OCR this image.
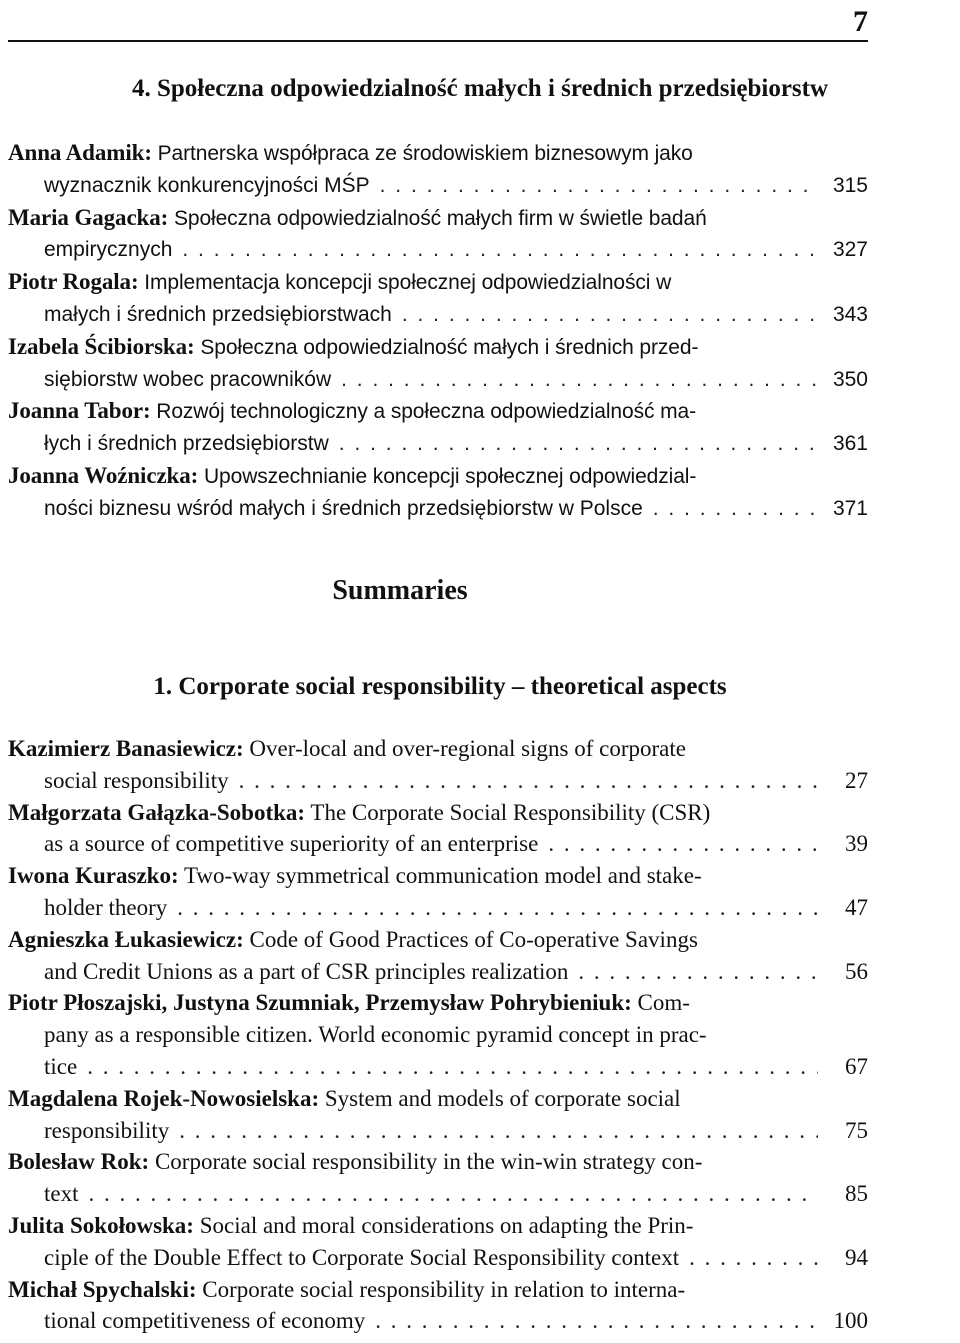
7
4. Społeczna odpowiedzialność małych i średnich przedsiębiorstw
Anna Adamik: Partnerska współpraca ze środowiskiem biznesowym jako
wyznacznik konkurencyjności MŚP . . .	315
Maria Gagacka: Społeczna odpowiedzialność małych firm w świetle badań
empirycznych . . .	327
Piotr Rogala: Implementacja koncepcji społecznej odpowiedzialności w
małych i średnich przedsiębiorstwach . . .	343
Izabela Ścibiorska: Społeczna odpowiedzialność małych i średnich przed-
siębiorstw wobec pracowników . . .	350
Joanna Tabor: Rozwój technologiczny a społeczna odpowiedzialność ma-
łych i średnich przedsiębiorstw . . .	361
Joanna Woźniczka: Upowszechnianie koncepcji społecznej odpowiedzial-
ności biznesu wśród małych i średnich przedsiębiorstw w Polsce . . .	371
Summaries
1. Corporate social responsibility – theoretical aspects
Kazimierz Banasiewicz: Over-local and over-regional signs of corporate
social responsibility . . .	27
Małgorzata Gałązka-Sobotka: The Corporate Social Responsibility (CSR)
as a source of competitive superiority of an enterprise . . .	39
Iwona Kuraszko: Two-way symmetrical communication model and stake-
holder theory . . .	47
Agnieszka Łukasiewicz: Code of Good Practices of Co-operative Savings
and Credit Unions as a part of CSR principles realization . . .	56
Piotr Płoszajski, Justyna Szumniak, Przemysław Pohrybieniuk: Com-
pany as a responsible citizen. World economic pyramid concept in prac-
tice . . .	67
Magdalena Rojek-Nowosielska: System and models of corporate social
responsibility . . .	75
Bolesław Rok: Corporate social responsibility in the win-win strategy con-
text . . .	85
Julita Sokołowska: Social and moral considerations on adapting the Prin-
ciple of the Double Effect to Corporate Social Responsibility context . . .	94
Michał Spychalski: Corporate social responsibility in relation to interna-
tional competitiveness of economy . . .	100
